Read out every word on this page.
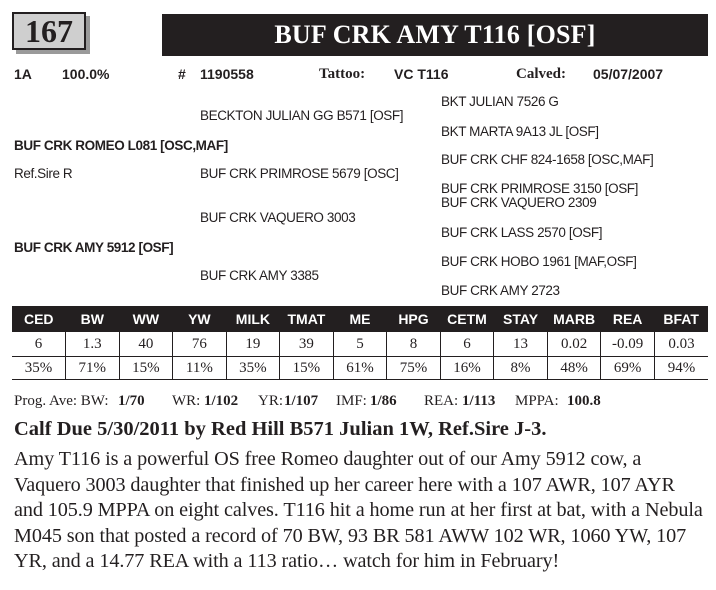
167	BUF CRK AMY T116 [OSF]
1A 100.0%	# 1190558	Tattoo: VC T116	Calved: 05/07/2007
BECKTON JULIAN GG B571 [OSF]
BUF CRK ROMEO L081 [OSC,MAF]
Ref.Sire R	BUF CRK PRIMROSE 5679 [OSC]
BUF CRK VAQUERO 3003
BUF CRK AMY 5912 [OSF]
BUF CRK AMY 3385
BKT JULIAN 7526 G
BKT MARTA 9A13 JL [OSF]
BUF CRK CHF 824-1658 [OSC,MAF]
BUF CRK PRIMROSE 3150 [OSF]
BUF CRK VAQUERO 2309
BUF CRK LASS 2570 [OSF]
BUF CRK HOBO 1961 [MAF,OSF]
BUF CRK AMY 2723
CED	BW	WW	YW	MILK	TMAT	ME	HPG	CETM	STAY	MARB	REA	BFAT
6	1.3	40	76	19	39	5	8	6	13	0.02	-0.09	0.03
35%	71%	15%	11%	35%	15%	61%	75%	16%	8%	48%	69%	94%
Prog. Ave: BW: 1/70 WR: 1/102 YR: 1/107 IMF: 1/86 REA: 1/113 MPPA: 100.8
Calf Due 5/30/2011 by Red Hill B571 Julian 1W, Ref.Sire J-3.
Amy T116 is a powerful OS free Romeo daughter out of our Amy 5912 cow, a Vaquero 3003 daughter that finished up her career here with a 107 AWR, 107 AYR and 105.9 MPPA on eight calves. T116 hit a home run at her first at bat, with a Nebula M045 son that posted a record of 70 BW, 93 BR 581 AWW 102 WR, 1060 YW, 107 YR, and a 14.77 REA with a 113 ratio… watch for him in February!
